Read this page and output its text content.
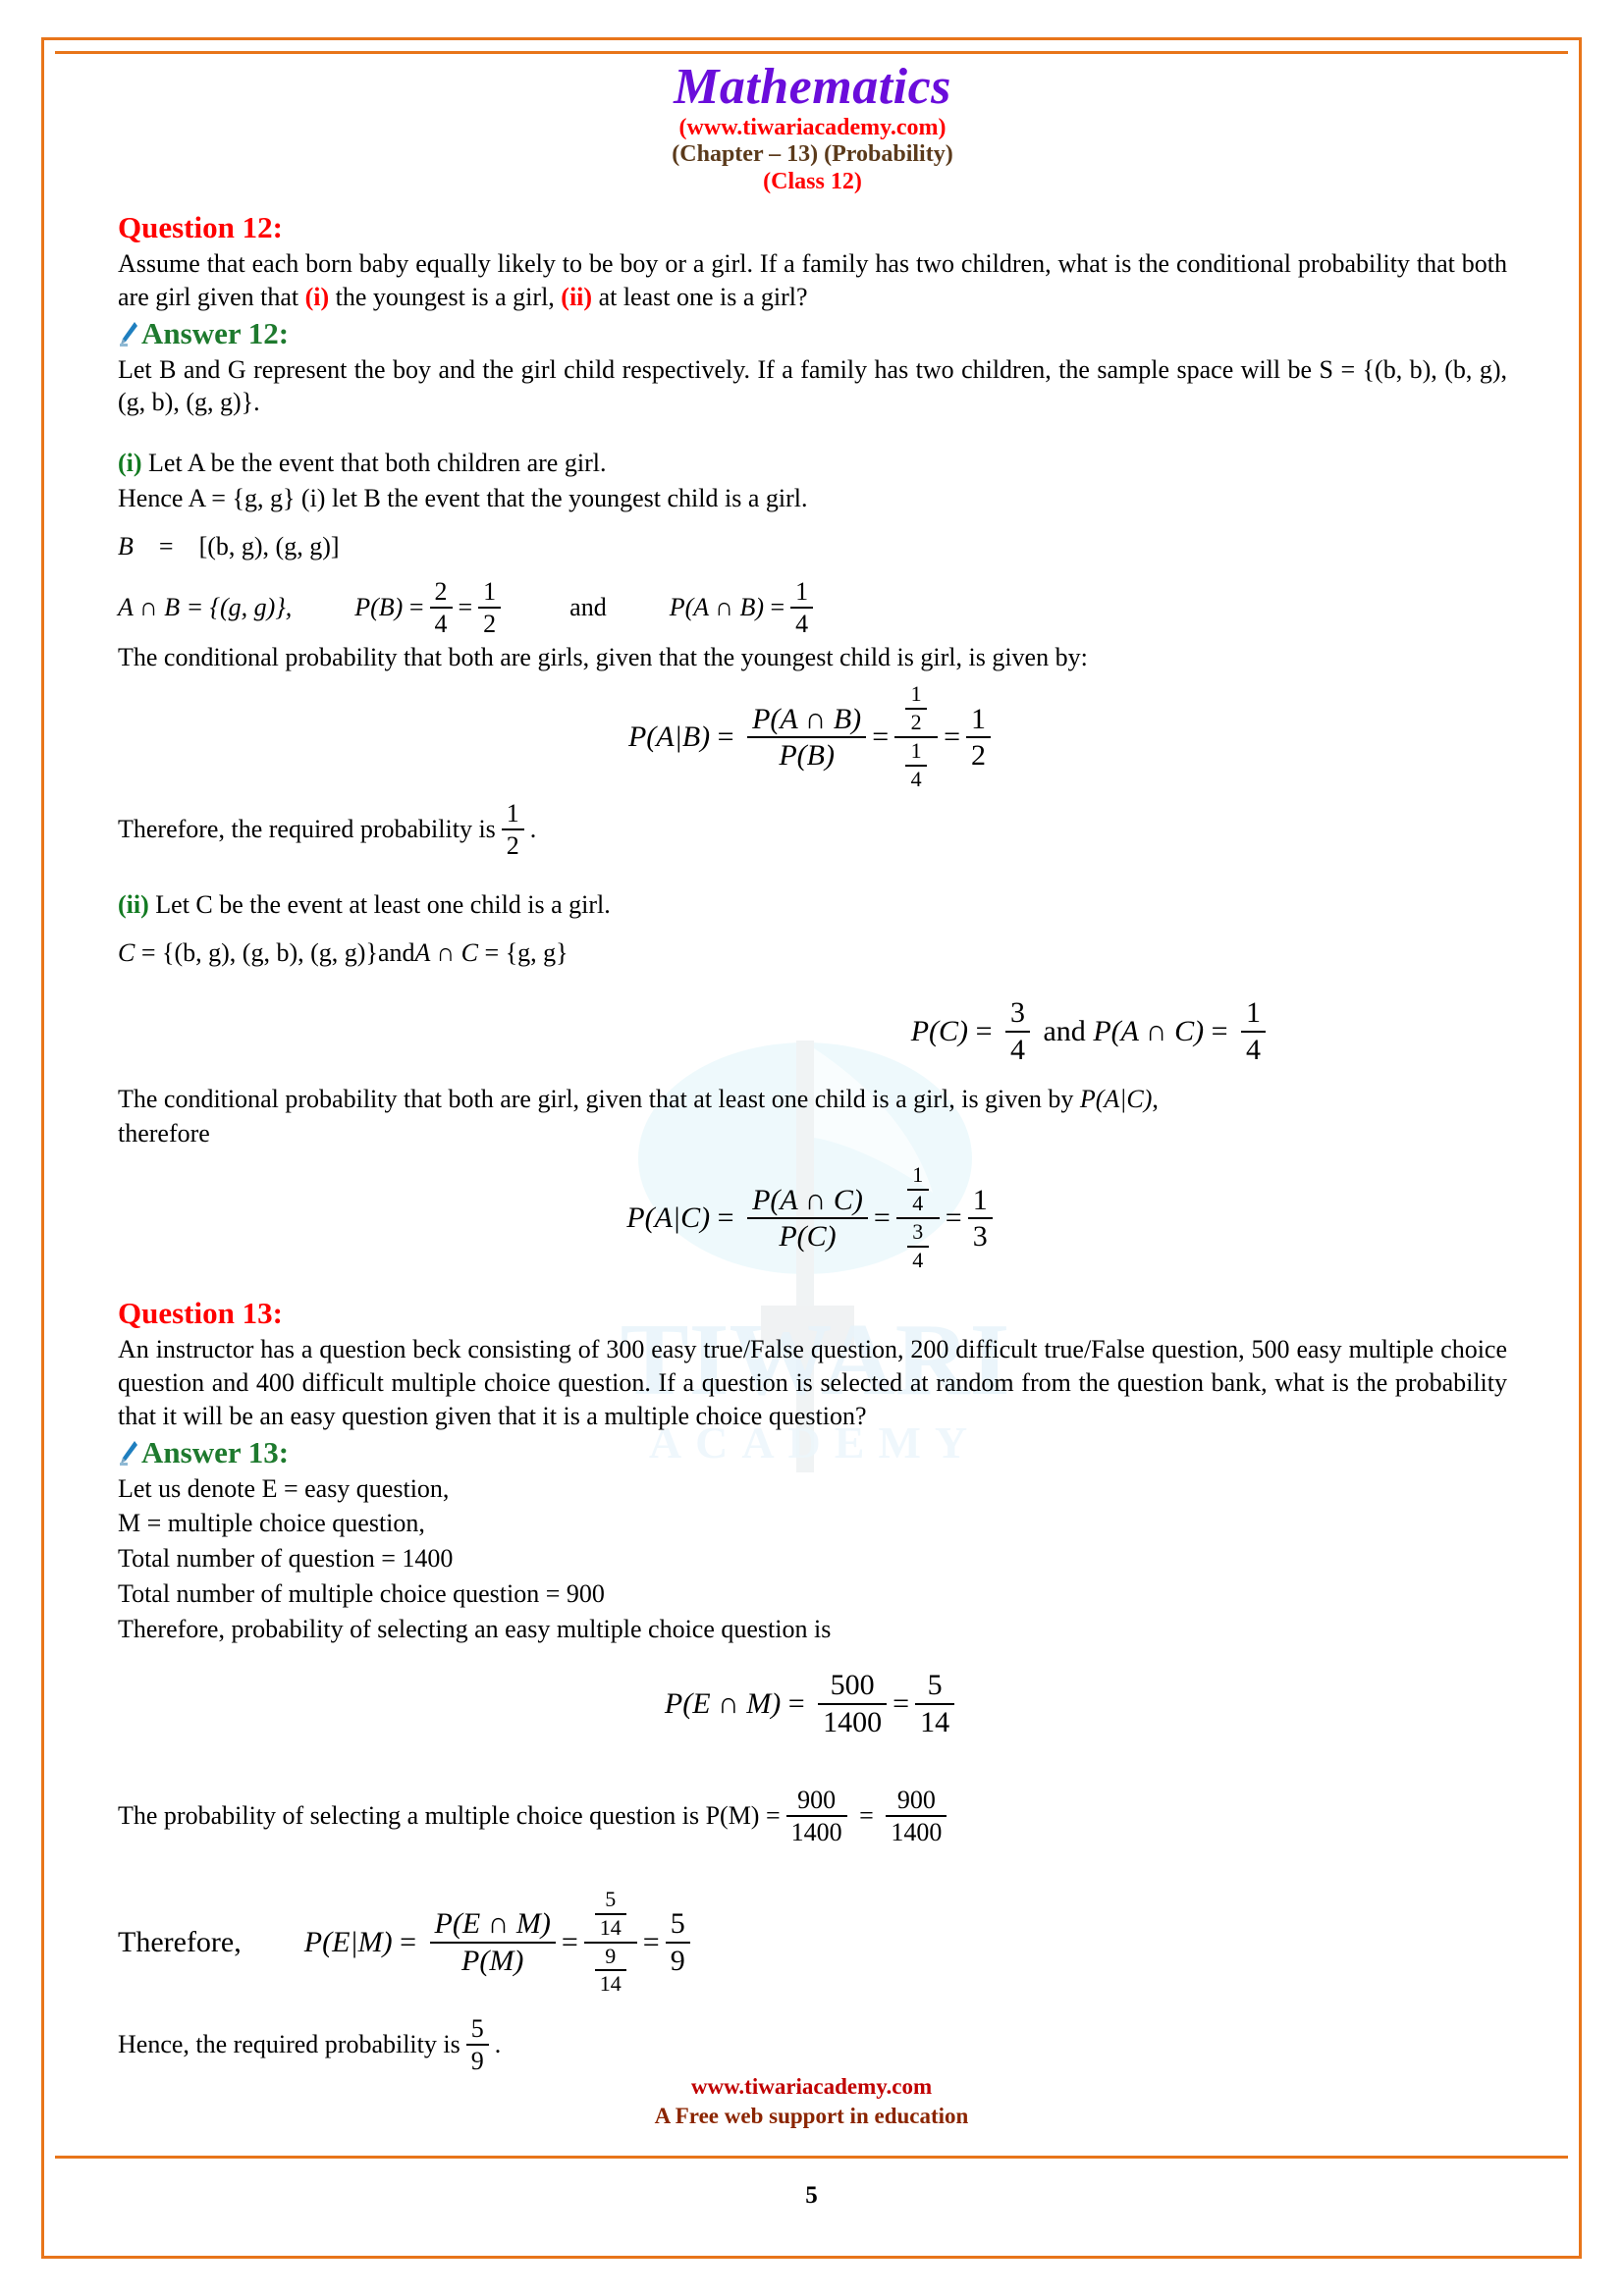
TIWARI
ACADEMY
Mathematics
(www.tiwariacademy.com)
(Chapter – 13) (Probability)
(Class 12)
Question 12:

Assume that each born baby equally likely to be boy or a girl. If a family has two children, what is the conditional probability that both are girl given that (i) the youngest is a girl, (ii) at least one is a girl?

Answer 12:

Let B and G represent the boy and the girl child respectively. If a family has two children, the sample space will be S = {(b, b), (b, g), (g, b), (g, g)}.

(i) Let A be the event that both children are girl.

Hence A = {g, g} (i) let B the event that the youngest child is a girl.

B = [(b, g), (g, g)]
A ∩ B = {(g, g)}, $P(B) = \frac{2}{4} = \frac{1}{2}$	and P(A ∩ $B) = \frac{1}{4}$

The conditional probability that both are girls, given that the youngest child is girl, is given by:

$P(A|B) = \frac{P(A \cap B)}{P(B)} = \frac{\frac{1}{2}}{\frac{1}{4}} = \frac{1}{2}$
Therefore, the required probability is $\frac{1}{2}$ .

(ii) Let C be the event at least one child is a girl.

C = {(b, g), (g, b), (g, g)} and A ∩ C = {g, g}
$P(C) = \frac{3}{4}$
and
P(A ∩ $C) = \frac{1}{4}$

The conditional probability that both are girl, given that at least one child is a girl, is given by P(A|C),

therefore

$P(A|C) = \frac{P(A \cap C)}{P(C)} = \frac{\frac{1}{4}}{\frac{3}{4}} = \frac{1}{3}$
Question 13:

An instructor has a question beck consisting of 300 easy true/False question, 200 difficult true/False question, 500 easy multiple choice question and 400 difficult multiple choice question. If a question is selected at random from the question bank, what is the probability that it will be an easy question given that it is a multiple choice question?

Answer 13:

Let us denote E = easy question,

M = multiple choice question,

Total number of question = 1400

Total number of multiple choice question = 900

Therefore, probability of selecting an easy multiple choice question is

P(E ∩ $M) = \frac{500}{1400} = \frac{5}{14}$
The probability of selecting a multiple choice question is $P(M) = \frac{900}{1400} = \frac{900}{1400}$
Therefore, $P(E|M) = \frac{P(E \cap M)}{P(M)} = \frac{\frac{5}{14}}{\frac{9}{14}} = \frac{5}{9}$
Hence, the required probability is $\frac{5}{9}$ .
www.tiwariacademy.com
A Free web support in education
5
